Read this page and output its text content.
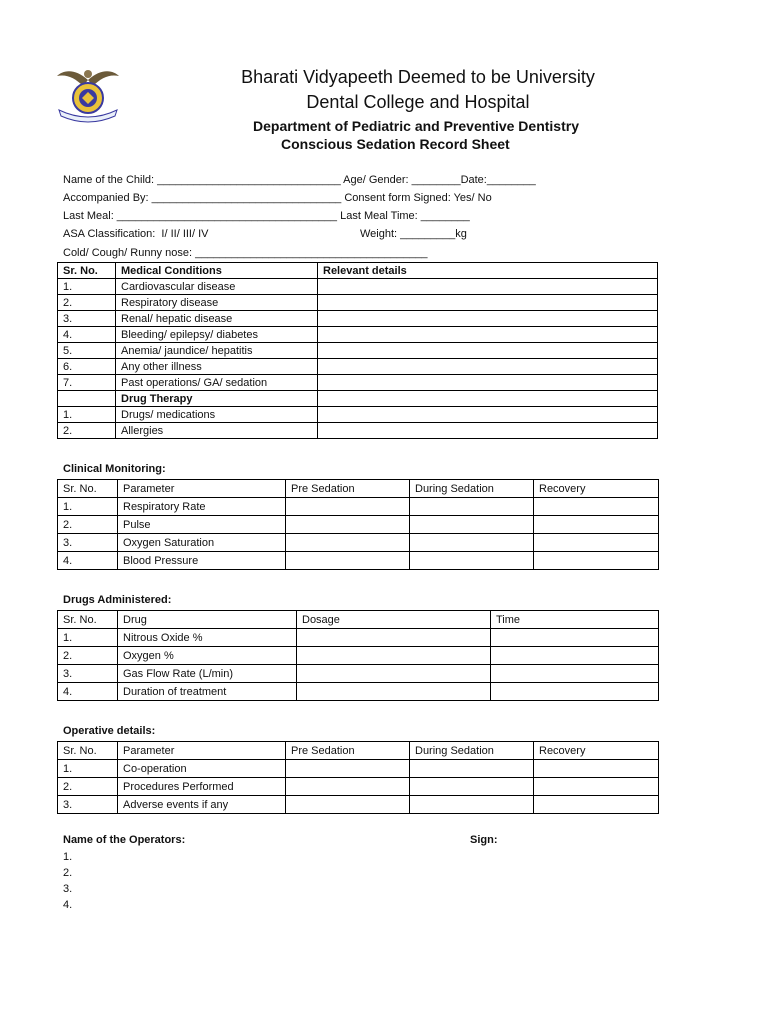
Bharati Vidyapeeth Deemed to be University
Dental College and Hospital
Department of Pediatric and Preventive Dentistry
Conscious Sedation Record Sheet
Name of the Child: ______________________________ Age/ Gender: ________Date:________
Accompanied By: _______________________________ Consent form Signed: Yes/ No
Last Meal: ____________________________________ Last Meal Time: ________
ASA Classification:  I/ II/ III/ IV	Weight: _________kg
Cold/ Cough/ Runny nose: ______________________________________
Sr. No.	Medical Conditions	Relevant details
1.	Cardiovascular disease	
2.	Respiratory disease	
3.	Renal/ hepatic disease	
4.	Bleeding/ epilepsy/ diabetes	
5.	Anemia/ jaundice/ hepatitis	
6.	Any other illness	
7.	Past operations/ GA/ sedation	
	Drug Therapy	
1.	Drugs/ medications	
2.	Allergies	
Clinical Monitoring:
Sr. No.	Parameter	Pre Sedation	During Sedation	Recovery
1.	Respiratory Rate			
2.	Pulse			
3.	Oxygen Saturation			
4.	Blood Pressure			
Drugs Administered:
Sr. No.	Drug	Dosage	Time
1.	Nitrous Oxide %		
2.	Oxygen %		
3.	Gas Flow Rate (L/min)		
4.	Duration of treatment		
Operative details:
Sr. No.	Parameter	Pre Sedation	During Sedation	Recovery
1.	Co-operation			
2.	Procedures Performed			
3.	Adverse events if any			
Name of the Operators:	Sign:
1.
2.
3.
4.
